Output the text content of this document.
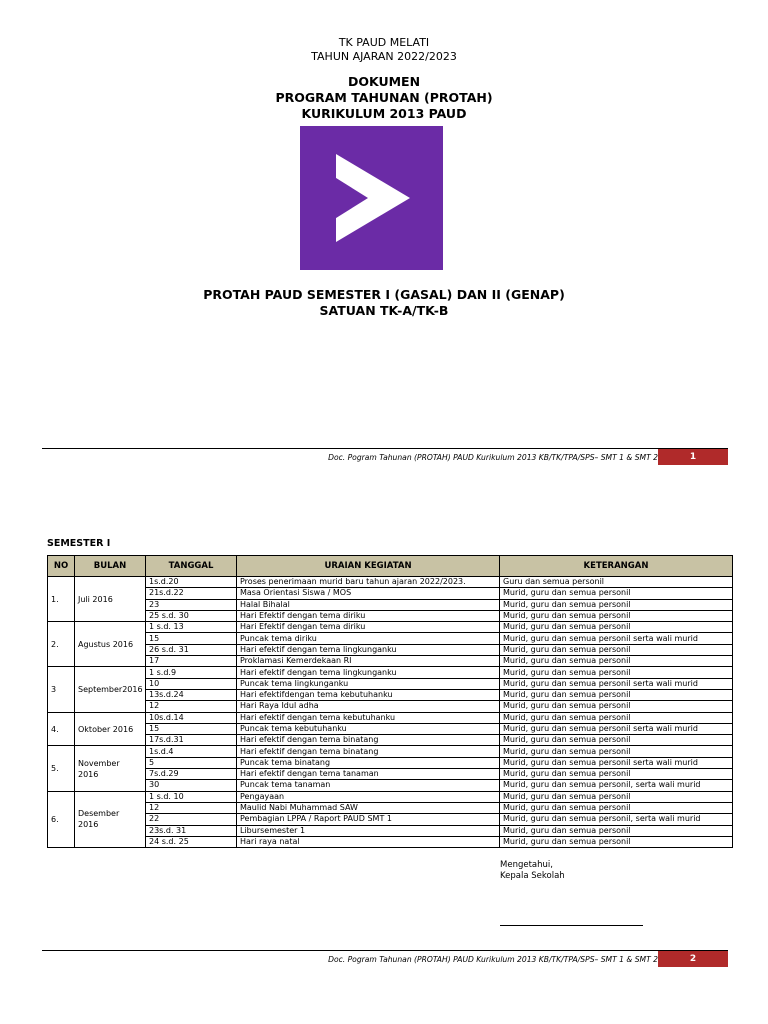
TK PAUD MELATI
TAHUN AJARAN 2022/2023
DOKUMEN
PROGRAM TAHUNAN (PROTAH)
KURIKULUM 2013 PAUD
PROTAH PAUD SEMESTER I (GASAL) DAN II (GENAP)
SATUAN TK-A/TK-B
Doc. Pogram Tahunan (PROTAH) PAUD Kurikulum 2013 KB/TK/TPA/SPS– SMT 1 & SMT 2	1
SEMESTER I
NO	BULAN	TANGGAL	URAIAN KEGIATAN	KETERANGAN
1.	Juli 2016	1s.d.20	Proses penerimaan murid baru tahun ajaran 2022/2023.	Guru dan semua personil
		21s.d.22	Masa Orientasi Siswa / MOS	Murid, guru dan semua personil
		23	Halal Bihalal	Murid, guru dan semua personil
		25 s.d. 30	Hari Efektif dengan tema diriku	Murid, guru dan semua personil
2.	Agustus 2016	1 s.d. 13	Hari Efektif dengan tema diriku	Murid, guru dan semua personil
		15	Puncak tema diriku	Murid, guru dan semua personil serta wali murid
		26 s.d. 31	Hari efektif dengan tema lingkunganku	Murid, guru dan semua personil
		17	Proklamasi Kemerdekaan RI	Murid, guru dan semua personil
3	September2016	1 s.d.9	Hari efektif dengan tema lingkunganku	Murid, guru dan semua personil
		10	Puncak tema lingkunganku	Murid, guru dan semua personil serta wali murid
		13s.d.24	Hari efektifdengan tema kebutuhanku	Murid, guru dan semua personil
		12	Hari Raya Idul adha	Murid, guru dan semua personil
4.	Oktober 2016	10s.d.14	Hari efektif dengan tema kebutuhanku	Murid, guru dan semua personil
		15	Puncak tema kebutuhanku	Murid, guru dan semua personil serta wali murid
		17s.d.31	Hari efektif dengan tema binatang	Murid, guru dan semua personil
5.	November 2016	1s.d.4	Hari efektif dengan tema binatang	Murid, guru dan semua personil
		5	Puncak tema binatang	Murid, guru dan semua personil serta wali murid
		7s.d.29	Hari efektif dengan tema tanaman	Murid, guru dan semua personil
		30	Puncak tema tanaman	Murid, guru dan semua personil, serta wali murid
6.	Desember 2016	1 s.d. 10	Pengayaan	Murid, guru dan semua personil
		12	Maulid Nabi Muhammad SAW	Murid, guru dan semua personil
		22	Pembagian LPPA / Raport PAUD SMT 1	Murid, guru dan semua personil, serta wali murid
		23s.d. 31	Libursemester 1	Murid, guru dan semua personil
		24 s.d. 25	Hari raya natal	Murid, guru dan semua personil
Mengetahui,
Kepala Sekolah
Doc. Pogram Tahunan (PROTAH) PAUD Kurikulum 2013 KB/TK/TPA/SPS– SMT 1 & SMT 2	2
